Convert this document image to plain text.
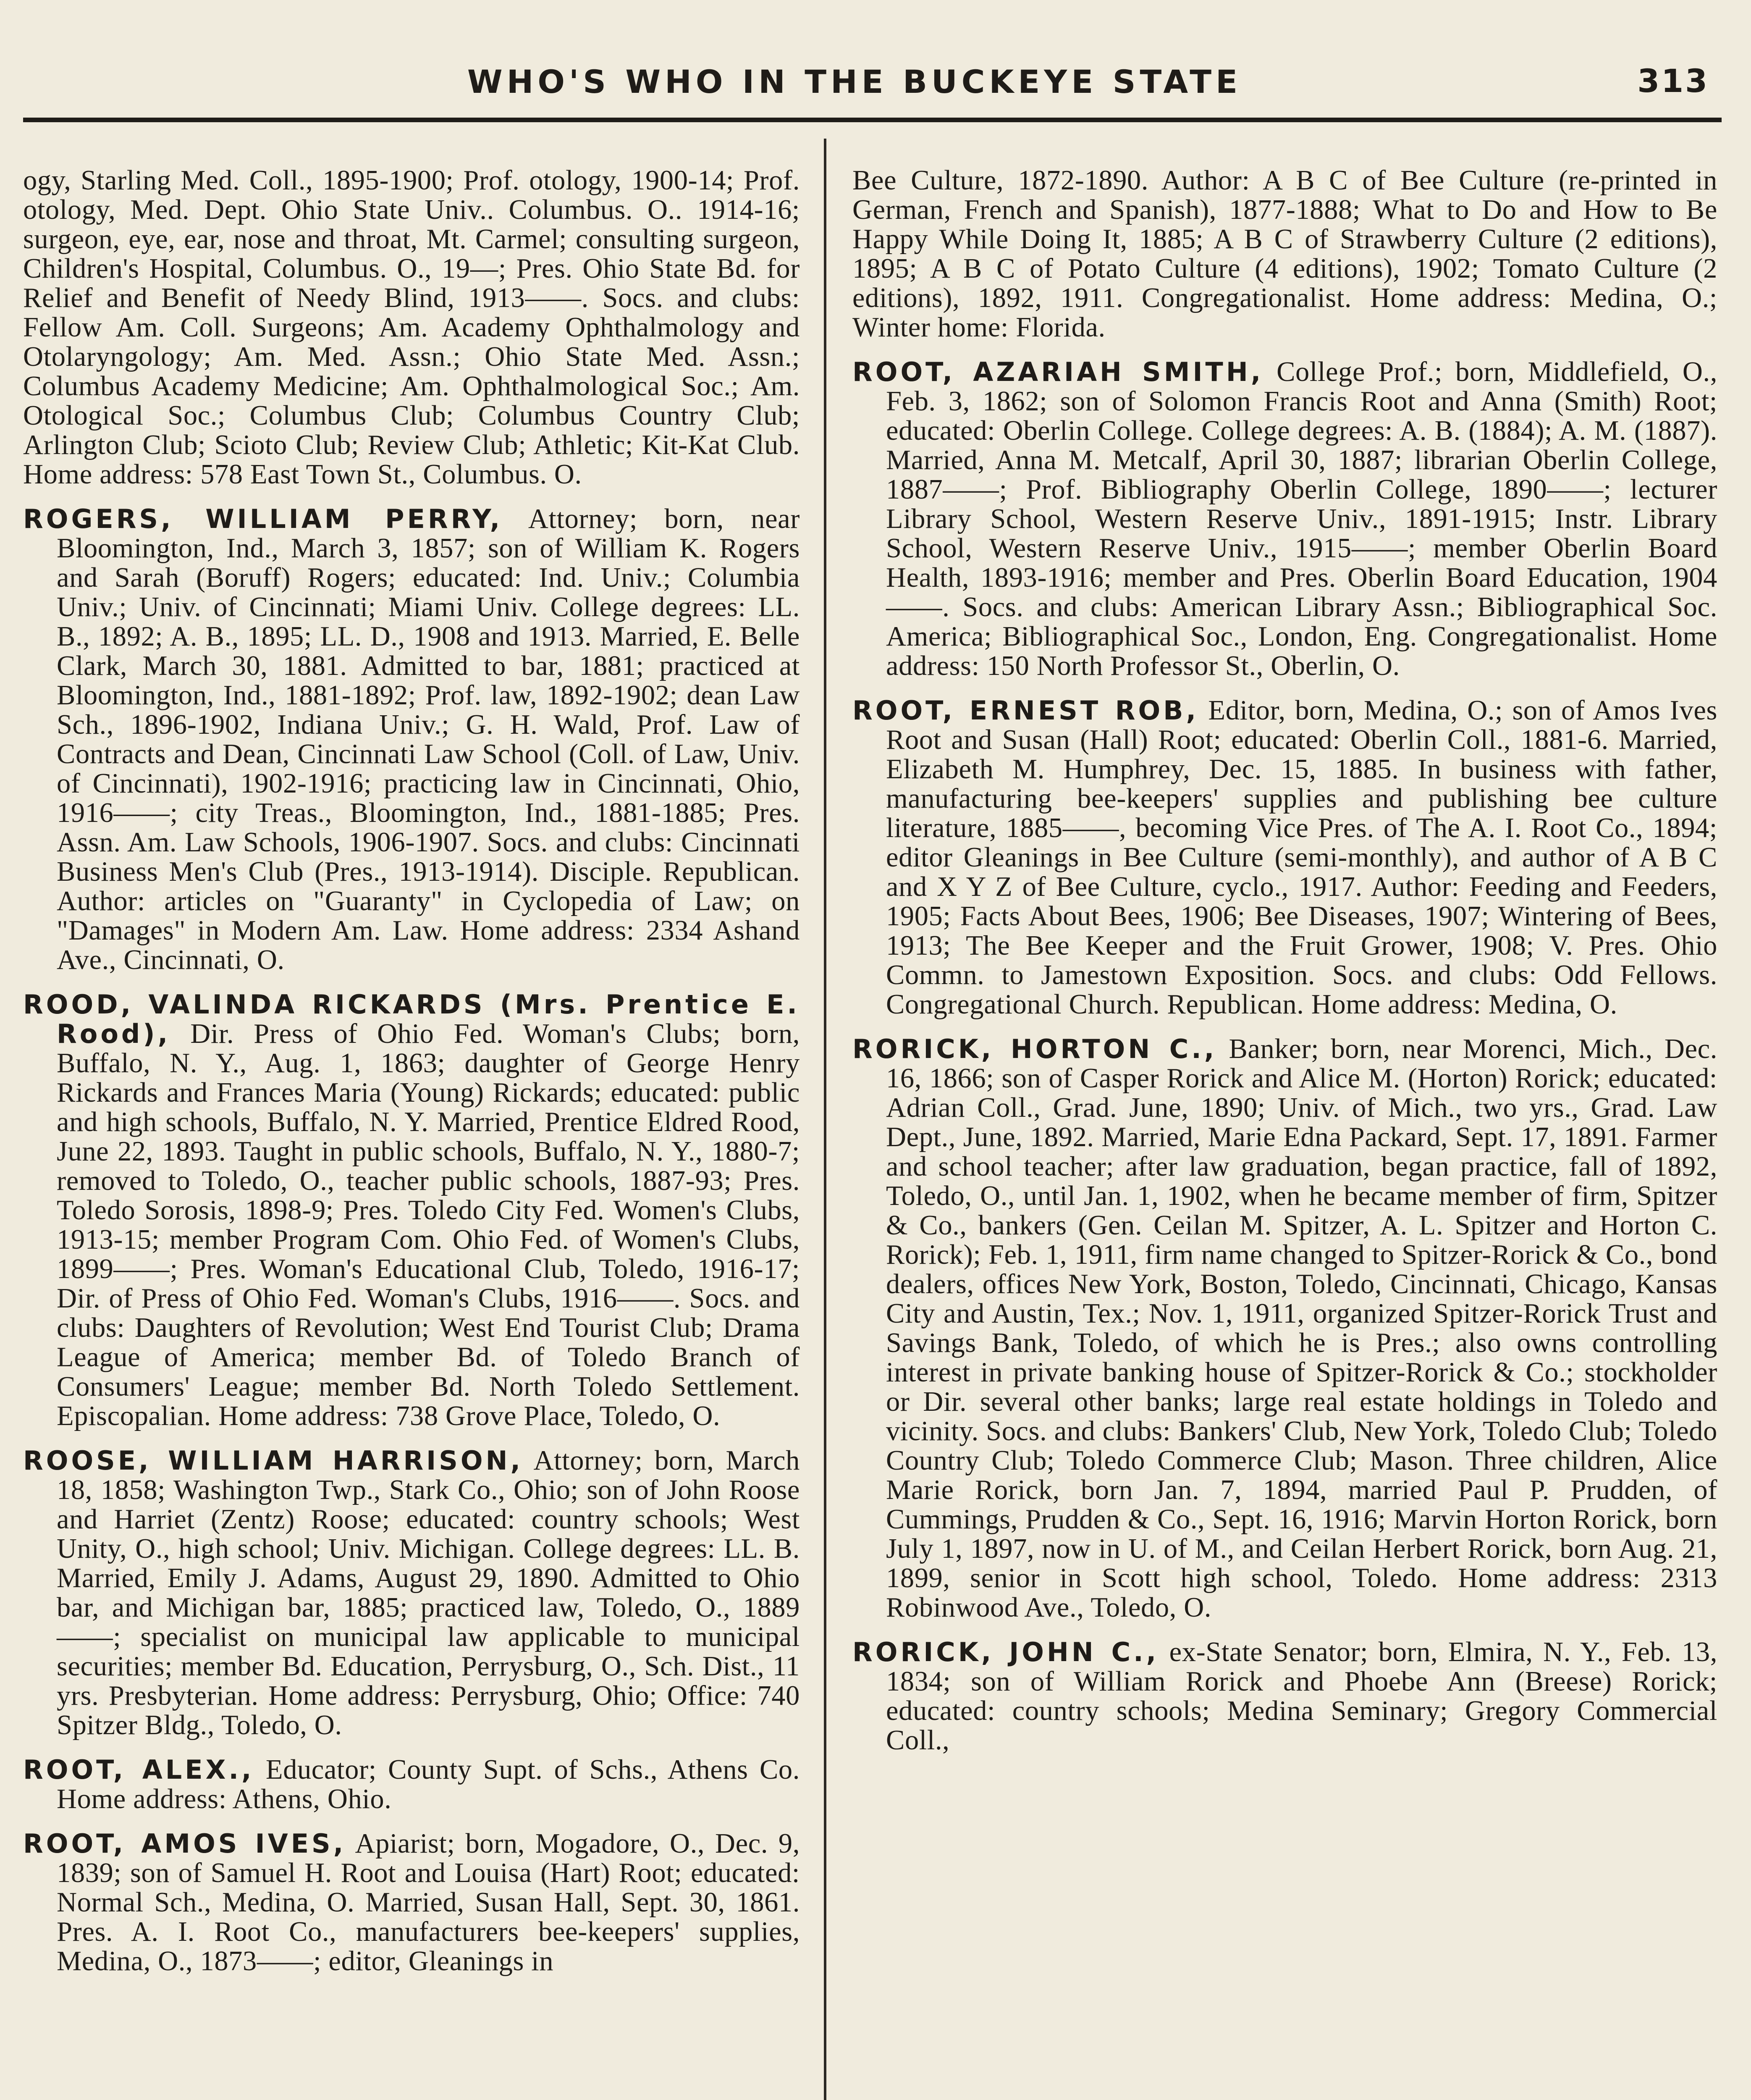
WHO'S WHO IN THE BUCKEYE STATE	313

ogy, Starling Med. Coll., 1895-1900; Prof. otology, 1900-14; Prof. otology, Med. Dept. Ohio State Univ.. Columbus. O.. 1914-16; surgeon, eye, ear, nose and throat, Mt. Carmel; consulting surgeon, Children's Hospital, Columbus. O., 19—; Pres. Ohio State Bd. for Relief and Benefit of Needy Blind, 1913——. Socs. and clubs: Fellow Am. Coll. Surgeons; Am. Academy Ophthalmology and Otolaryngology; Am. Med. Assn.; Ohio State Med. Assn.; Columbus Academy Medicine; Am. Ophthalmological Soc.; Am. Otological Soc.; Columbus Club; Columbus Country Club; Arlington Club; Scioto Club; Review Club; Athletic; Kit-Kat Club. Home address: 578 East Town St., Columbus. O.

ROGERS, WILLIAM PERRY, Attorney; born, near Bloomington, Ind., March 3, 1857; son of William K. Rogers and Sarah (Boruff) Rogers; educated: Ind. Univ.; Columbia Univ.; Univ. of Cincinnati; Miami Univ. College degrees: LL. B., 1892; A. B., 1895; LL. D., 1908 and 1913. Married, E. Belle Clark, March 30, 1881. Admitted to bar, 1881; practiced at Bloomington, Ind., 1881-1892; Prof. law, 1892-1902; dean Law Sch., 1896-1902, Indiana Univ.; G. H. Wald, Prof. Law of Contracts and Dean, Cincinnati Law School (Coll. of Law, Univ. of Cincinnati), 1902-1916; practicing law in Cincinnati, Ohio, 1916——; city Treas., Bloomington, Ind., 1881-1885; Pres. Assn. Am. Law Schools, 1906-1907. Socs. and clubs: Cincinnati Business Men's Club (Pres., 1913-1914). Disciple. Republican. Author: articles on "Guaranty" in Cyclopedia of Law; on "Damages" in Modern Am. Law. Home address: 2334 Ashand Ave., Cincinnati, O.

ROOD, VALINDA RICKARDS (Mrs. Prentice E. Rood), Dir. Press of Ohio Fed. Woman's Clubs; born, Buffalo, N. Y., Aug. 1, 1863; daughter of George Henry Rickards and Frances Maria (Young) Rickards; educated: public and high schools, Buffalo, N. Y. Married, Prentice Eldred Rood, June 22, 1893. Taught in public schools, Buffalo, N. Y., 1880-7; removed to Toledo, O., teacher public schools, 1887-93; Pres. Toledo Sorosis, 1898-9; Pres. Toledo City Fed. Women's Clubs, 1913-15; member Program Com. Ohio Fed. of Women's Clubs, 1899——; Pres. Woman's Educational Club, Toledo, 1916-17; Dir. of Press of Ohio Fed. Woman's Clubs, 1916——. Socs. and clubs: Daughters of Revolution; West End Tourist Club; Drama League of America; member Bd. of Toledo Branch of Consumers' League; member Bd. North Toledo Settlement. Episcopalian. Home address: 738 Grove Place, Toledo, O.

ROOSE, WILLIAM HARRISON, Attorney; born, March 18, 1858; Washington Twp., Stark Co., Ohio; son of John Roose and Harriet (Zentz) Roose; educated: country schools; West Unity, O., high school; Univ. Michigan. College degrees: LL. B. Married, Emily J. Adams, August 29, 1890. Admitted to Ohio bar, and Michigan bar, 1885; practiced law, Toledo, O., 1889——; specialist on municipal law applicable to municipal securities; member Bd. Education, Perrysburg, O., Sch. Dist., 11 yrs. Presbyterian. Home address: Perrysburg, Ohio; Office: 740 Spitzer Bldg., Toledo, O.

ROOT, ALEX., Educator; County Supt. of Schs., Athens Co. Home address: Athens, Ohio.

ROOT, AMOS IVES, Apiarist; born, Mogadore, O., Dec. 9, 1839; son of Samuel H. Root and Louisa (Hart) Root; educated: Normal Sch., Medina, O. Married, Susan Hall, Sept. 30, 1861. Pres. A. I. Root Co., manufacturers bee-keepers' supplies, Medina, O., 1873——; editor, Gleanings in

Bee Culture, 1872-1890. Author: A B C of Bee Culture (re-printed in German, French and Spanish), 1877-1888; What to Do and How to Be Happy While Doing It, 1885; A B C of Strawberry Culture (2 editions), 1895; A B C of Potato Culture (4 editions), 1902; Tomato Culture (2 editions), 1892, 1911. Congregationalist. Home address: Medina, O.; Winter home: Florida.

ROOT, AZARIAH SMITH, College Prof.; born, Middlefield, O., Feb. 3, 1862; son of Solomon Francis Root and Anna (Smith) Root; educated: Oberlin College. College degrees: A. B. (1884); A. M. (1887). Married, Anna M. Metcalf, April 30, 1887; librarian Oberlin College, 1887——; Prof. Bibliography Oberlin College, 1890——; lecturer Library School, Western Reserve Univ., 1891-1915; Instr. Library School, Western Reserve Univ., 1915——; member Oberlin Board Health, 1893-1916; member and Pres. Oberlin Board Education, 1904——. Socs. and clubs: American Library Assn.; Bibliographical Soc. America; Bibliographical Soc., London, Eng. Congregationalist. Home address: 150 North Professor St., Oberlin, O.

ROOT, ERNEST ROB, Editor, born, Medina, O.; son of Amos Ives Root and Susan (Hall) Root; educated: Oberlin Coll., 1881-6. Married, Elizabeth M. Humphrey, Dec. 15, 1885. In business with father, manufacturing bee-keepers' supplies and publishing bee culture literature, 1885——, becoming Vice Pres. of The A. I. Root Co., 1894; editor Gleanings in Bee Culture (semi-monthly), and author of A B C and X Y Z of Bee Culture, cyclo., 1917. Author: Feeding and Feeders, 1905; Facts About Bees, 1906; Bee Diseases, 1907; Wintering of Bees, 1913; The Bee Keeper and the Fruit Grower, 1908; V. Pres. Ohio Commn. to Jamestown Exposition. Socs. and clubs: Odd Fellows. Congregational Church. Republican. Home address: Medina, O.

RORICK, HORTON C., Banker; born, near Morenci, Mich., Dec. 16, 1866; son of Casper Rorick and Alice M. (Horton) Rorick; educated: Adrian Coll., Grad. June, 1890; Univ. of Mich., two yrs., Grad. Law Dept., June, 1892. Married, Marie Edna Packard, Sept. 17, 1891. Farmer and school teacher; after law graduation, began practice, fall of 1892, Toledo, O., until Jan. 1, 1902, when he became member of firm, Spitzer & Co., bankers (Gen. Ceilan M. Spitzer, A. L. Spitzer and Horton C. Rorick); Feb. 1, 1911, firm name changed to Spitzer-Rorick & Co., bond dealers, offices New York, Boston, Toledo, Cincinnati, Chicago, Kansas City and Austin, Tex.; Nov. 1, 1911, organized Spitzer-Rorick Trust and Savings Bank, Toledo, of which he is Pres.; also owns controlling interest in private banking house of Spitzer-Rorick & Co.; stockholder or Dir. several other banks; large real estate holdings in Toledo and vicinity. Socs. and clubs: Bankers' Club, New York, Toledo Club; Toledo Country Club; Toledo Commerce Club; Mason. Three children, Alice Marie Rorick, born Jan. 7, 1894, married Paul P. Prudden, of Cummings, Prudden & Co., Sept. 16, 1916; Marvin Horton Rorick, born July 1, 1897, now in U. of M., and Ceilan Herbert Rorick, born Aug. 21, 1899, senior in Scott high school, Toledo. Home address: 2313 Robinwood Ave., Toledo, O.

RORICK, JOHN C., ex-State Senator; born, Elmira, N. Y., Feb. 13, 1834; son of William Rorick and Phoebe Ann (Breese) Rorick; educated: country schools; Medina Seminary; Gregory Commercial Coll.,
